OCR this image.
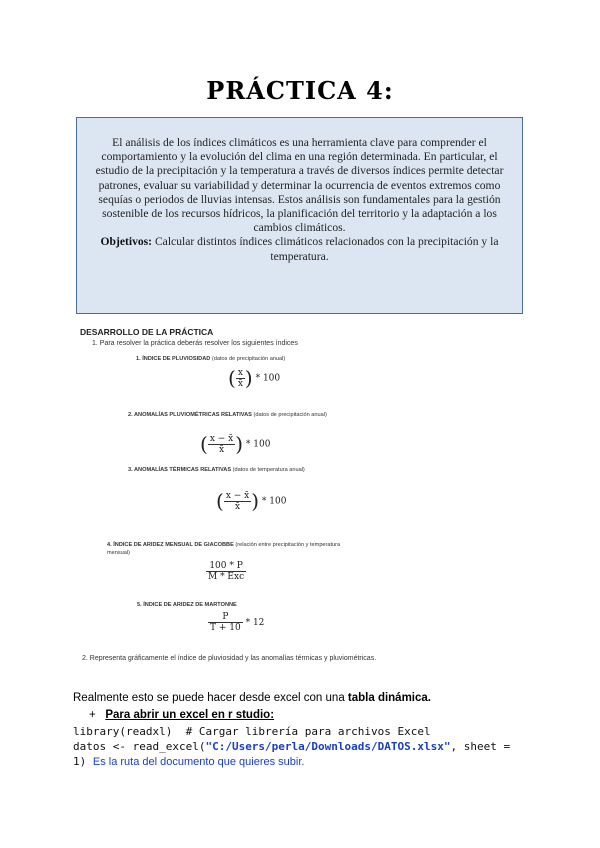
PRÁCTICA 4:

El análisis de los índices climáticos es una herramienta clave para comprender el comportamiento y la evolución del clima en una región determinada. En particular, el estudio de la precipitación y la temperatura a través de diversos índices permite detectar patrones, evaluar su variabilidad y determinar la ocurrencia de eventos extremos como sequías o periodos de lluvias intensas. Estos análisis son fundamentales para la gestión sostenible de los recursos hídricos, la planificación del territorio y la adaptación a los cambios climáticos.

Objetivos: Calcular distintos índices climáticos relacionados con la precipitación y la temperatura.

DESARROLLO DE LA PRÁCTICA
1. Para resolver la práctica deberás resolver los siguientes índices
1. ÍNDICE DE PLUVIOSIDAD (datos de precipitación anual)
( $\frac{x}{x̄}$ ) * 100
2. ANOMALÍAS PLUVIOMÉTRICAS RELATIVAS (datos de precipitación anual)
( $\frac{x - x̄}{x̄}$ ) * 100
3. ANOMALÍAS TÉRMICAS RELATIVAS (datos de temperatura anual)
( $\frac{x - x̄}{x̄}$ ) * 100
4. ÍNDICE DE ARIDEZ MENSUAL DE GIACOBBE (relación entre precipitación y temperatura mensual)
$\frac{100 * P}{\text{M * Exc}}$
5. ÍNDICE DE ARIDEZ DE MARTONNE
$\frac{P}{T + 10} * 12$
2. Representa gráficamente el índice de pluviosidad y las anomalías térmicas y pluviométricas.
Realmente esto se puede hacer desde excel con una tabla dinámica.
+ Para abrir un excel en r studio:
library(readxl)  # Cargar librería para archivos Excel
datos <- read_excel("C:/Users/perla/Downloads/DATOS.xlsx", sheet =
1) Es la ruta del documento que quieres subir.
